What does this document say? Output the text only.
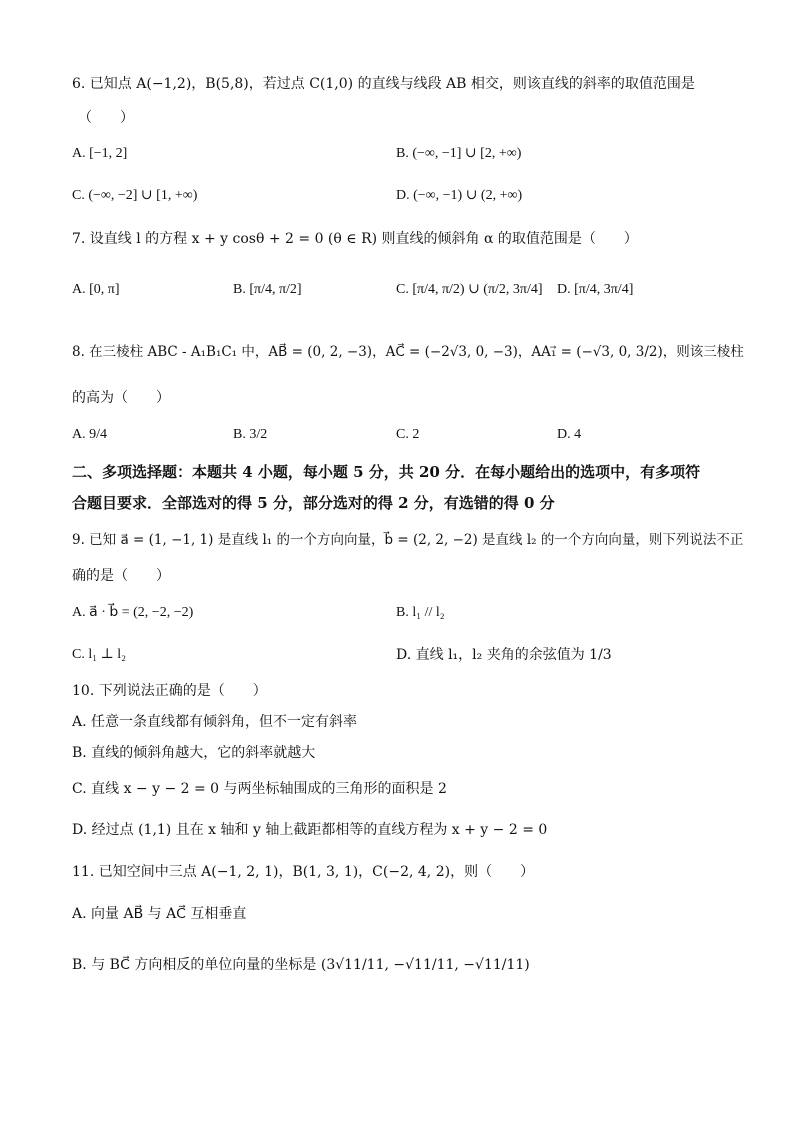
6. 已知点 A(−1,2)，B(5,8)，若过点 C(1,0) 的直线与线段 AB 相交，则该直线的斜率的取值范围是
（　　）
A. [−1, 2]	B. (−∞, −1] ∪ [2, +∞)
C. (−∞, −2] ∪ [1, +∞)	D. (−∞, −1) ∪ (2, +∞)
7. 设直线 l 的方程 x + y cosθ + 2 = 0 (θ ∈ R) 则直线的倾斜角 α 的取值范围是（　　）
A. [0, π]	B. [π/4, π/2]	C. [π/4, π/2) ∪ (π/2, 3π/4] D. [π/4, 3π/4]
8. 在三棱柱 ABC - A₁B₁C₁ 中，AB⃗ = (0, 2, −3)，AC⃗ = (−2√3, 0, −3)，AA₁⃗ = (−√3, 0, 3/2)，则该三棱柱
的高为（　　）
A. 9/4	B. 3/2	C. 2	D. 4
二、多项选择题：本题共 4 小题，每小题 5 分，共 20 分．在每小题给出的选项中，有多项符
合题目要求．全部选对的得 5 分，部分选对的得 2 分，有选错的得 0 分
9. 已知 a⃗ = (1, −1, 1) 是直线 l₁ 的一个方向向量，b⃗ = (2, 2, −2) 是直线 l₂ 的一个方向向量，则下列说法不正
确的是（　　）
A. a⃗ · b⃗ = (2, −2, −2)	B. l₁ // l₂
C. l₁ ⊥ l₂	D. 直线 l₁，l₂ 夹角的余弦值为 1/3
10. 下列说法正确的是（　　）
A. 任意一条直线都有倾斜角，但不一定有斜率
B. 直线的倾斜角越大，它的斜率就越大
C. 直线 x − y − 2 = 0 与两坐标轴围成的三角形的面积是 2
D. 经过点 (1,1) 且在 x 轴和 y 轴上截距都相等的直线方程为 x + y − 2 = 0
11. 已知空间中三点 A(−1, 2, 1)，B(1, 3, 1)，C(−2, 4, 2)，则（　　）
A. 向量 AB⃗ 与 AC⃗ 互相垂直
B. 与 BC⃗ 方向相反的单位向量的坐标是 (3√11/11, −√11/11, −√11/11)
